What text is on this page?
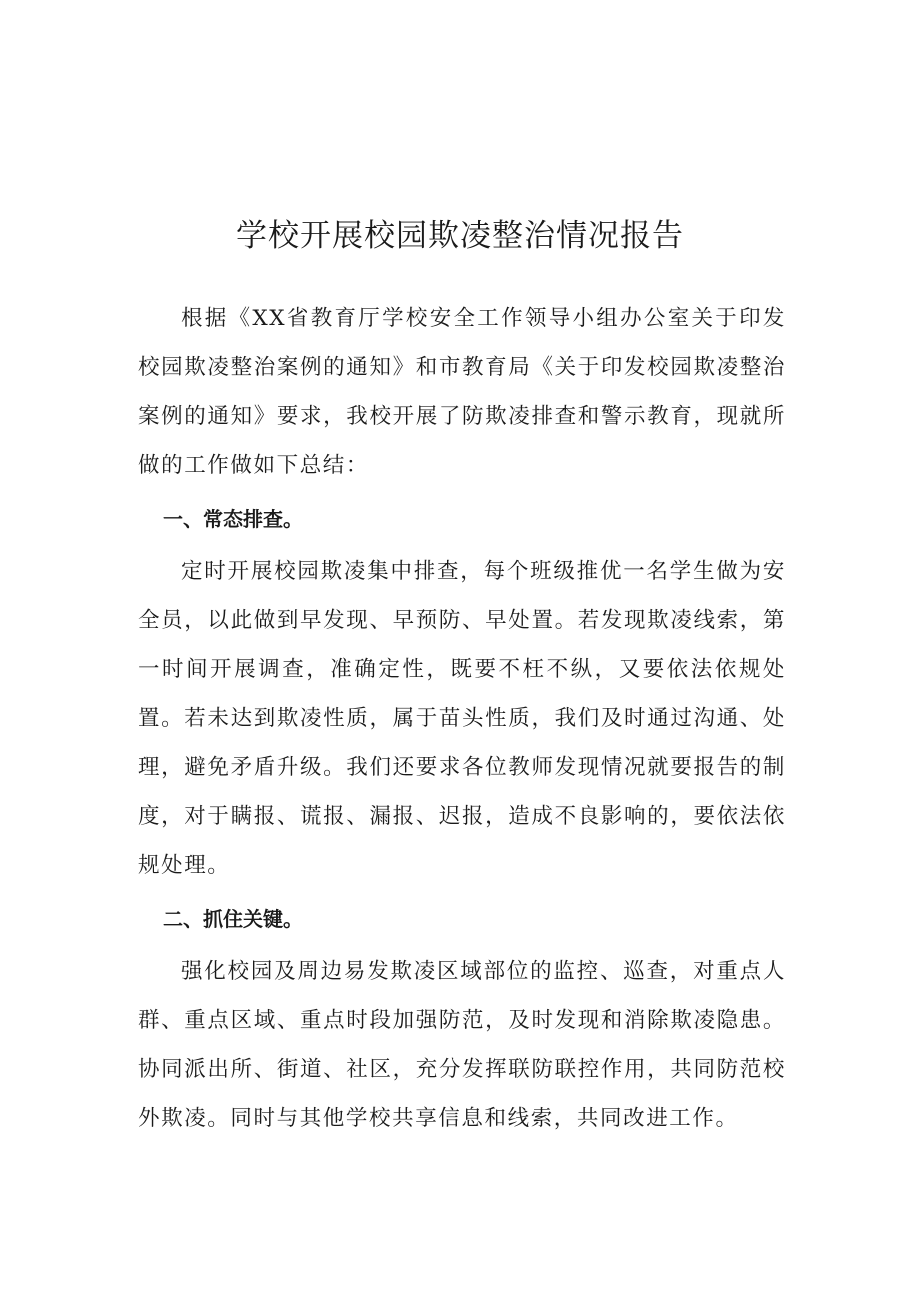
学校开展校园欺凌整治情况报告

根据《XX省教育厅学校安全工作领导小组办公室关于印发校园欺凌整治案例的通知》和市教育局《关于印发校园欺凌整治案例的通知》要求，我校开展了防欺凌排查和警示教育，现就所做的工作做如下总结：

一、常态排查。

定时开展校园欺凌集中排查，每个班级推优一名学生做为安全员，以此做到早发现、早预防、早处置。若发现欺凌线索，第一时间开展调查，准确定性，既要不枉不纵，又要依法依规处置。若未达到欺凌性质，属于苗头性质，我们及时通过沟通、处理，避免矛盾升级。我们还要求各位教师发现情况就要报告的制度，对于瞒报、谎报、漏报、迟报，造成不良影响的，要依法依规处理。

二、抓住关键。

强化校园及周边易发欺凌区域部位的监控、巡查，对重点人群、重点区域、重点时段加强防范，及时发现和消除欺凌隐患。协同派出所、街道、社区，充分发挥联防联控作用，共同防范校外欺凌。同时与其他学校共享信息和线索，共同改进工作。
